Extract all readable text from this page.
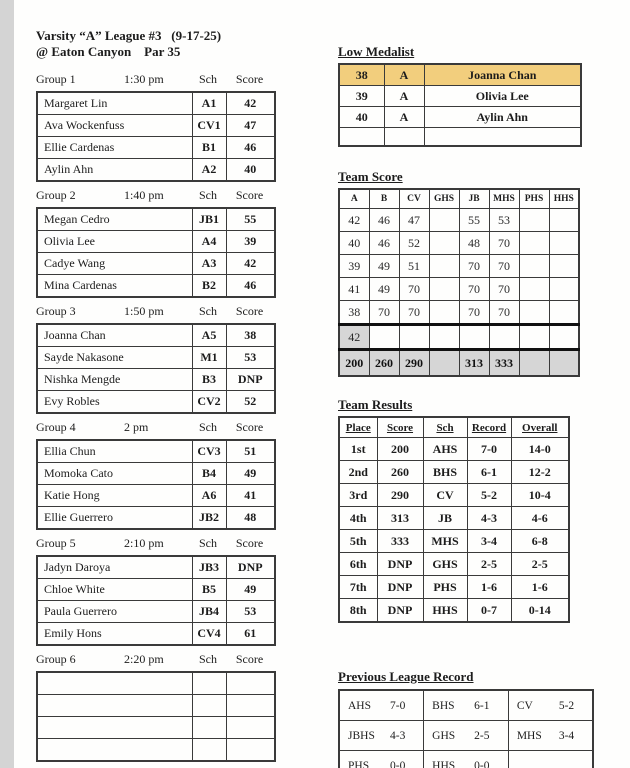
Varsity “A” League #3   (9-17-25)
@ Eaton Canyon    Par 35
Group 1	1:30 pm	Sch	Score
Margaret Lin	A1	42
Ava Wockenfuss	CV1	47
Ellie Cardenas	B1	46
Aylin Ahn	A2	40
Group 2	1:40 pm	Sch	Score
Megan Cedro	JB1	55
Olivia Lee	A4	39
Cadye Wang	A3	42
Mina Cardenas	B2	46
Group 3	1:50 pm	Sch	Score
Joanna Chan	A5	38
Sayde Nakasone	M1	53
Nishka Mengde	B3	DNP
Evy Robles	CV2	52
Group 4	2 pm	Sch	Score
Ellia Chun	CV3	51
Momoka Cato	B4	49
Katie Hong	A6	41
Ellie Guerrero	JB2	48
Group 5	2:10 pm	Sch	Score
Jadyn Daroya	JB3	DNP
Chloe White	B5	49
Paula Guerrero	JB4	53
Emily Hons	CV4	61
Group 6	2:20 pm	Sch	Score

Low Medalist
38	A	Joanna Chan
39	A	Olivia Lee
40	A	Aylin Ahn

Team Score
A	B	CV	GHS	JB	MHS	PHS	HHS
42	46	47		55	53		
40	46	52		48	70		
39	49	51		70	70		
41	49	70		70	70		
38	70	70		70	70		
42							
200	260	290		313	333		
Team Results
Place	Score	Sch	Record	Overall
1st	200	AHS	7-0	14-0
2nd	260	BHS	6-1	12-2
3rd	290	CV	5-2	10-4
4th	313	JB	4-3	4-6
5th	333	MHS	3-4	6-8
6th	DNP	GHS	2-5	2-5
7th	DNP	PHS	1-6	1-6
8th	DNP	HHS	0-7	0-14
Previous League Record
AHS 7-0	BHS 6-1	CV 5-2
JBHS 4-3	GHS 2-5	MHS 3-4
PHS 0-0	HHS 0-0	
